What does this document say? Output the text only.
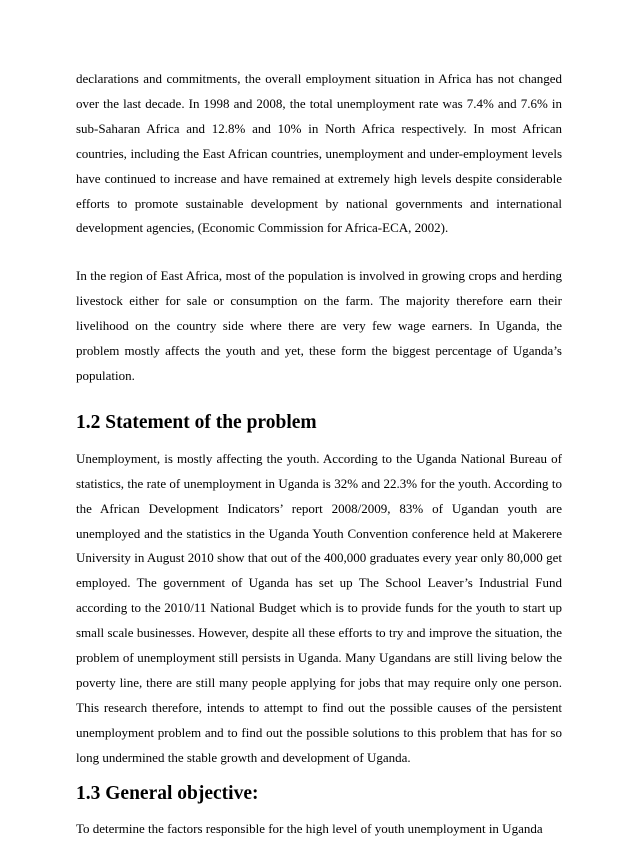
declarations and commitments, the overall employment situation in Africa has not changed over the last decade. In 1998 and 2008, the total unemployment rate was 7.4% and 7.6% in sub-Saharan Africa and 12.8% and 10% in North Africa respectively. In most African countries, including the East African countries, unemployment and under-employment levels have continued to increase and have remained at extremely high levels despite considerable efforts to promote sustainable development by national governments and international development agencies, (Economic Commission for Africa-ECA, 2002).

In the region of East Africa, most of the population is involved in growing crops and herding livestock either for sale or consumption on the farm. The majority therefore earn their livelihood on the country side where there are very few wage earners. In Uganda, the problem mostly affects the youth and yet, these form the biggest percentage of Uganda’s population.

1.2 Statement of the problem

Unemployment, is mostly affecting the youth. According to the Uganda National Bureau of statistics, the rate of unemployment in Uganda is 32% and 22.3% for the youth. According to the African Development Indicators’ report 2008/2009, 83% of Ugandan youth are unemployed and the statistics in the Uganda Youth Convention conference held at Makerere University in August 2010 show that out of the 400,000 graduates every year only 80,000 get employed. The government of Uganda has set up The School Leaver’s Industrial Fund according to the 2010/11 National Budget which is to provide funds for the youth to start up small scale businesses. However, despite all these efforts to try and improve the situation, the problem of unemployment still persists in Uganda. Many Ugandans are still living below the poverty line, there are still many people applying for jobs that may require only one person. This research therefore, intends to attempt to find out the possible causes of the persistent unemployment problem and to find out the possible solutions to this problem that has for so long undermined the stable growth and development of Uganda.

1.3 General objective:

To determine the factors responsible for the high level of youth unemployment in Uganda
